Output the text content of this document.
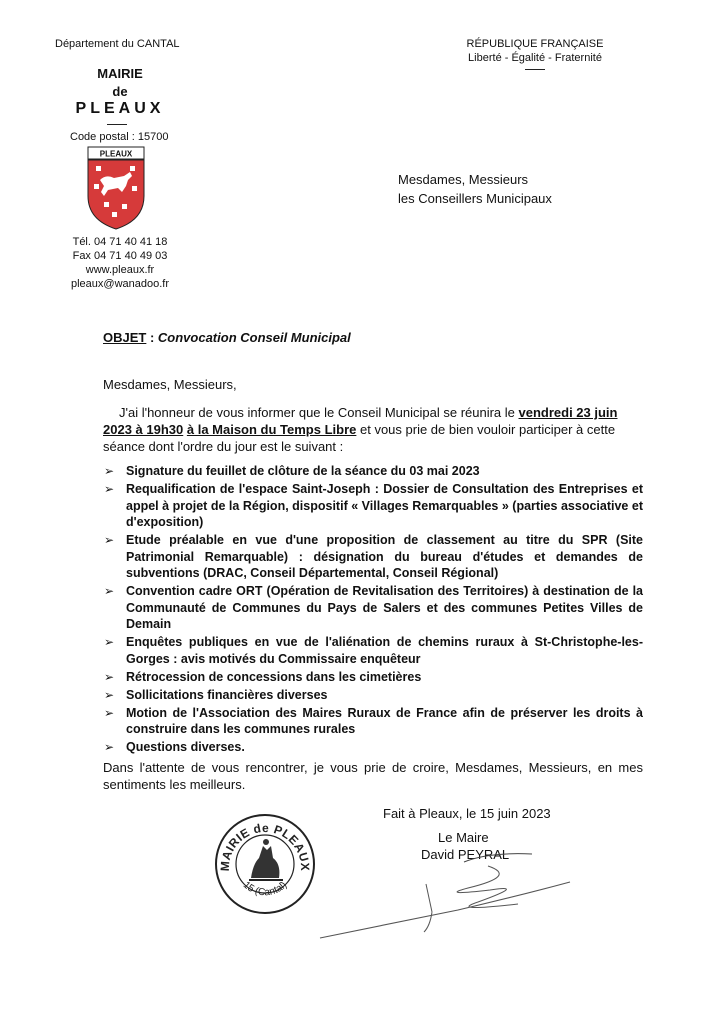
Département du CANTAL
MAIRIE
de
PLEAUX
Code postal : 15700
PLEAUX
Tél. 04 71 40 41 18
Fax 04 71 40 49 03
www.pleaux.fr
pleaux@wanadoo.fr
RÉPUBLIQUE FRANÇAISE
Liberté - Égalité - Fraternité
Mesdames, Messieurs
les Conseillers Municipaux
OBJET : Convocation Conseil Municipal
Mesdames, Messieurs,
J'ai l'honneur de vous informer que le Conseil Municipal se réunira le vendredi 23 juin 2023 à 19h30 à la Maison du Temps Libre et vous prie de bien vouloir participer à cette séance dont l'ordre du jour est le suivant :
➢ Signature du feuillet de clôture de la séance du 03 mai 2023
➢ Requalification de l'espace Saint-Joseph : Dossier de Consultation des Entreprises et appel à projet de la Région, dispositif « Villages Remarquables » (parties associative et d'exposition)
➢ Etude préalable en vue d'une proposition de classement au titre du SPR (Site Patrimonial Remarquable) : désignation du bureau d'études et demandes de subventions (DRAC, Conseil Départemental, Conseil Régional)
➢ Convention cadre ORT (Opération de Revitalisation des Territoires) à destination de la Communauté de Communes du Pays de Salers et des communes Petites Villes de Demain
➢ Enquêtes publiques en vue de l'aliénation de chemins ruraux à St-Christophe-les-Gorges : avis motivés du Commissaire enquêteur
➢ Rétrocession de concessions dans les cimetières
➢ Sollicitations financières diverses
➢ Motion de l'Association des Maires Ruraux de France afin de préserver les droits à construire dans les communes rurales
➢ Questions diverses.
Dans l'attente de vous rencontrer, je vous prie de croire, Mesdames, Messieurs, en mes sentiments les meilleurs.
Fait à Pleaux, le 15 juin 2023
Le Maire
David PEYRAL
MAIRIE de PLEAUX
15 (Cantal)
